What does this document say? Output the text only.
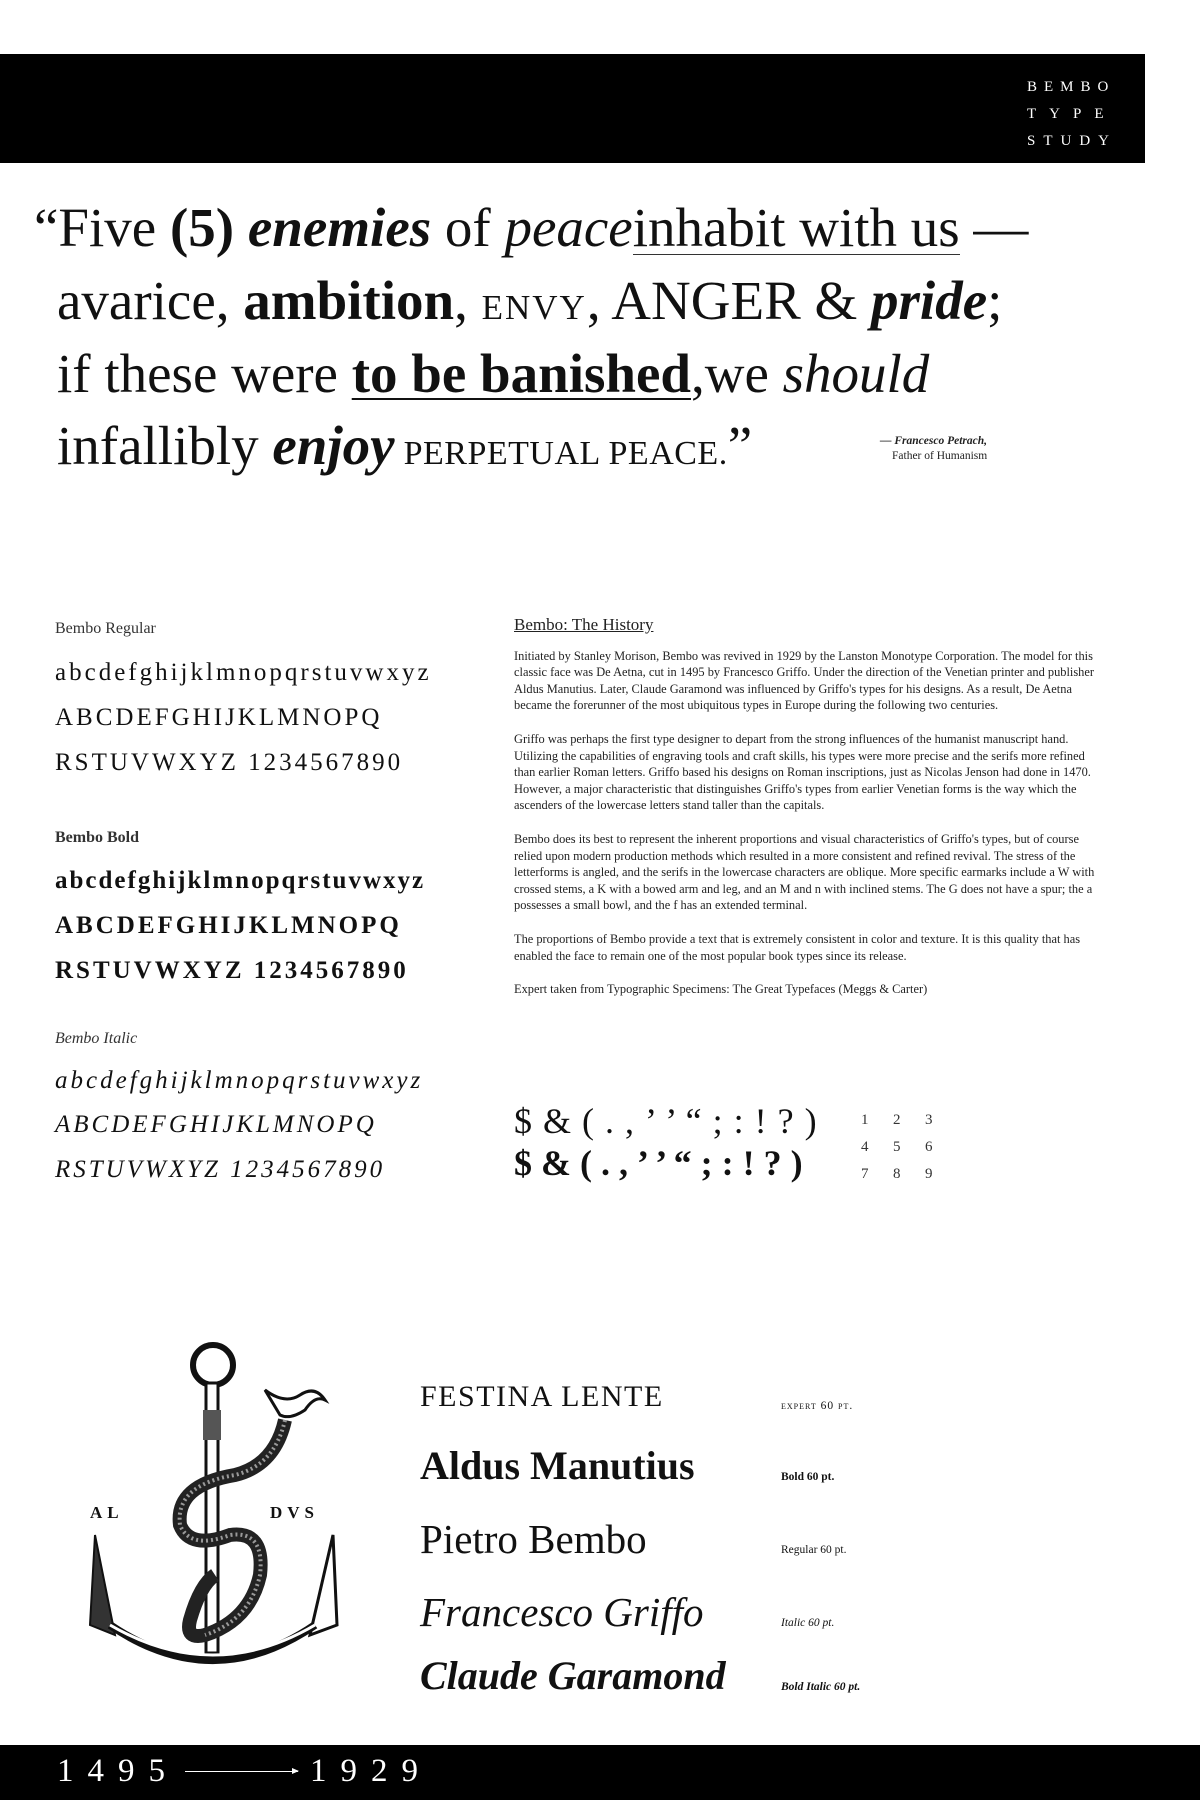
BEMBO
TYPE
STUDY
“Five (5) enemies of peaceinhabit with us —
avarice, ambition, envy, ANGER & pride;
if these were to be banished,we should
infallibly enjoy PERPETUAL PEACE.”	— Francesco Petrach,
Father of Humanism
Bembo Regular
abcdefghijklmnopqrstuvwxyz
ABCDEFGHIJKLMNOPQ
RSTUVWXYZ 1234567890
Bembo Bold
abcdefghijklmnopqrstuvwxyz
ABCDEFGHIJKLMNOPQ
RSTUVWXYZ 1234567890
Bembo Italic
abcdefghijklmnopqrstuvwxyz
ABCDEFGHIJKLMNOPQ
RSTUVWXYZ 1234567890
Bembo: The History

Initiated by Stanley Morison, Bembo was revived in 1929 by the Lanston Monotype Corporation. The model for this classic face was De Aetna, cut in 1495 by Francesco Griffo. Under the direction of the Venetian printer and publisher Aldus Manutius. Later, Claude Garamond was influenced by Griffo's types for his designs. As a result, De Aetna became the forerunner of the most ubiquitous types in Europe during the following two centuries.

Griffo was perhaps the first type designer to depart from the strong influences of the humanist manuscript hand. Utilizing the capabilities of engraving tools and craft skills, his types were more precise and the serifs more refined than earlier Roman letters. Griffo based his designs on Roman inscriptions, just as Nicolas Jenson had done in 1470. However, a major characteristic that distinguishes Griffo's types from earlier Venetian forms is the way which the ascenders of the lowercase letters stand taller than the capitals.

Bembo does its best to represent the inherent proportions and visual characteristics of Griffo's types, but of course relied upon modern production methods which resulted in a more consistent and refined revival. The stress of the letterforms is angled, and the serifs in the lowercase characters are oblique. More specific earmarks include a W with crossed stems, a K with a bowed arm and leg, and an M and n with inclined stems. The G does not have a spur; the a possesses a small bowl, and the f has an extended terminal.

The proportions of Bembo provide a text that is extremely consistent in color and texture. It is this quality that has enabled the face to remain one of the most popular book types since its release.

Expert taken from Typographic Specimens: The Great Typefaces (Meggs & Carter)

$ & ( . , ’ ’ “ ; : ! ? )
$ & ( . , ’ ’ “ ; : ! ? )
1 2 3
4 5 6
7 8 9
AL	DVS
FESTINA LENTE	expert 60 pt.
Aldus Manutius	Bold 60 pt.
Pietro Bembo	Regular 60 pt.
Francesco Griffo	Italic 60 pt.
Claude Garamond	Bold Italic 60 pt.
1495	1929
